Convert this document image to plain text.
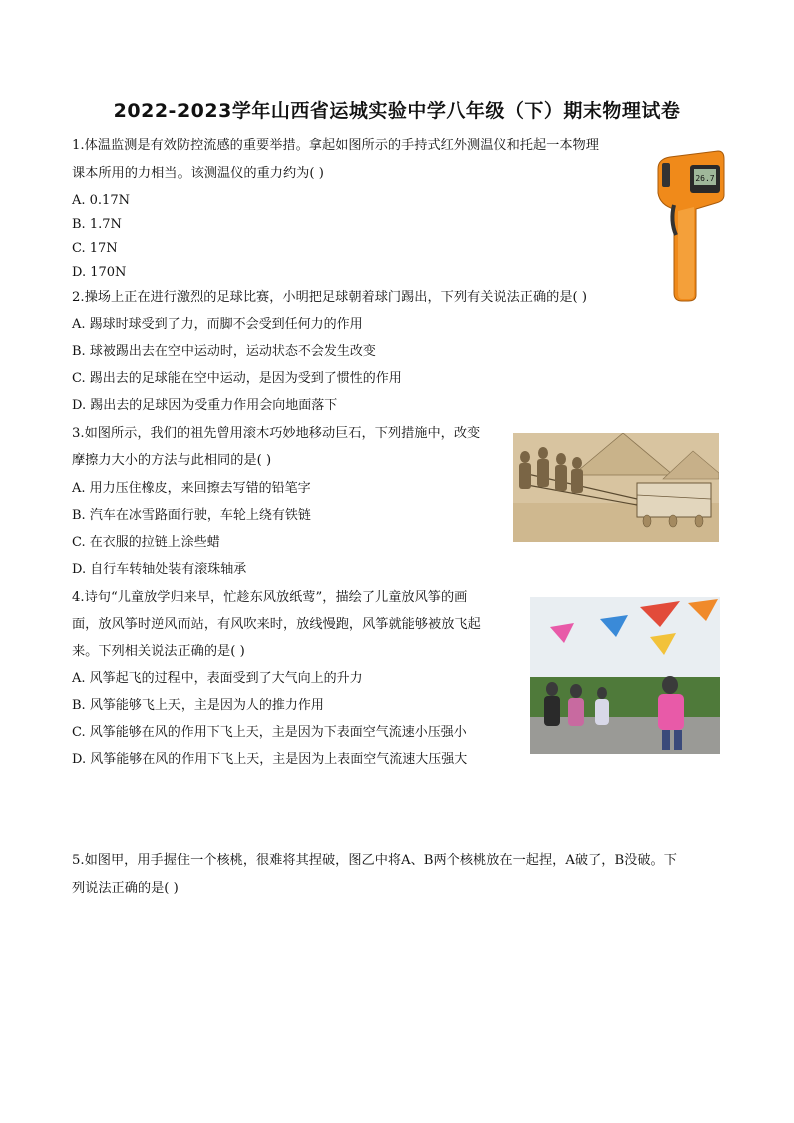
2022-2023学年山西省运城实验中学八年级（下）期末物理试卷
1.体温监测是有效防控流感的重要举措。拿起如图所示的手持式红外测温仪和托起一本物理
课本所用的力相当。该测温仪的重力约为( )
A. 0.17N
B. 1.7N
C. 17N
D. 170N
26.7
2.操场上正在进行激烈的足球比赛，小明把足球朝着球门踢出，下列有关说法正确的是( )
A. 踢球时球受到了力，而脚不会受到任何力的作用
B. 球被踢出去在空中运动时，运动状态不会发生改变
C. 踢出去的足球能在空中运动，是因为受到了惯性的作用
D. 踢出去的足球因为受重力作用会向地面落下
3.如图所示，我们的祖先曾用滚木巧妙地移动巨石，下列措施中，改变
摩擦力大小的方法与此相同的是( )
A. 用力压住橡皮，来回擦去写错的铅笔字
B. 汽车在冰雪路面行驶，车轮上绕有铁链
C. 在衣服的拉链上涂些蜡
D. 自行车转轴处装有滚珠轴承
4.诗句“儿童放学归来早，忙趁东风放纸莺”，描绘了儿童放风筝的画
面，放风筝时逆风而站，有风吹来时，放线慢跑，风筝就能够被放飞起
来。下列相关说法正确的是( )
A. 风筝起飞的过程中，表面受到了大气向上的升力
B. 风筝能够飞上天，主是因为人的推力作用
C. 风筝能够在风的作用下飞上天，主是因为下表面空气流速小压强小
D. 风筝能够在风的作用下飞上天，主是因为上表面空气流速大压强大
5.如图甲，用手握住一个核桃，很难将其捏破，图乙中将A、B两个核桃放在一起捏，A破了，B没破。下
列说法正确的是( )
